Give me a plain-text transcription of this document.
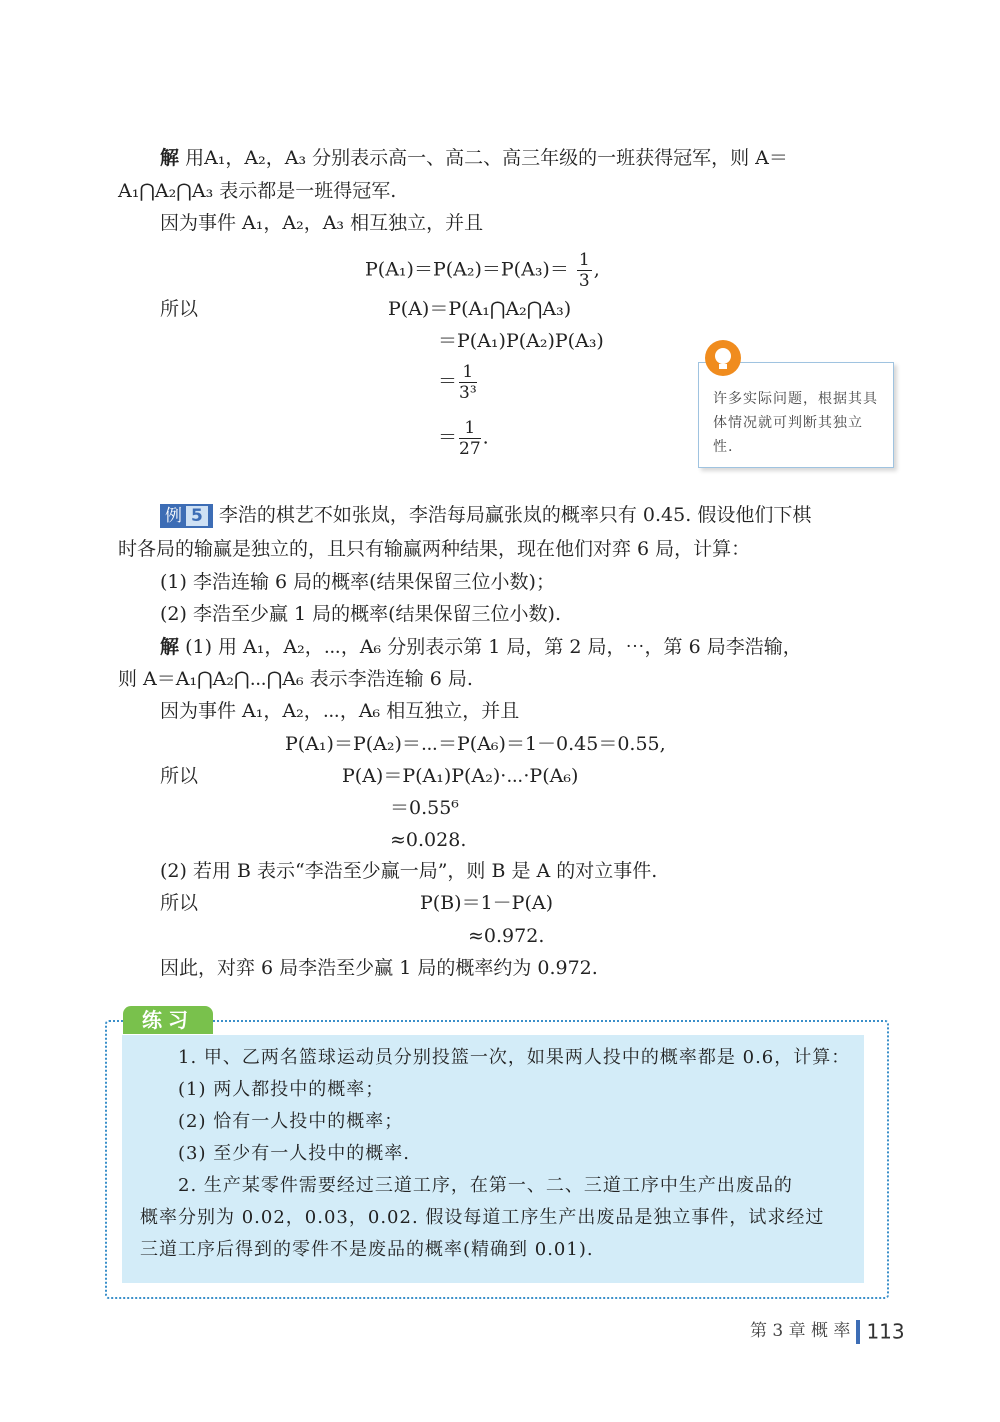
解 用A₁，A₂，A₃ 分别表示高一、高二、高三年级的一班获得冠军，则 A＝
A₁⋂A₂⋂A₃ 表示都是一班得冠军.
因为事件 A₁，A₂，A₃ 相互独立，并且
$P(A_1)=P(A_2)=P(A_3)= \frac{1}{3}$ ,
所以	P(A)＝P(A₁⋂A₂⋂A₃)
＝P(A₁)P(A₂)P(A₃)
＝ $\frac{1}{\text{3³}}$
＝ $\frac{1}{27}$ .
许多实际问题，根据其具体情况就可判断其独立性.
例 5 李浩的棋艺不如张岚，李浩每局赢张岚的概率只有 0.45. 假设他们下棋
时各局的输赢是独立的，且只有输赢两种结果，现在他们对弈 6 局，计算：
(1) 李浩连输 6 局的概率(结果保留三位小数)；
(2) 李浩至少赢 1 局的概率(结果保留三位小数).
解 (1) 用 A₁，A₂，⋯，A₆ 分别表示第 1 局，第 2 局，⋯，第 6 局李浩输，
则 A＝A₁⋂A₂⋂⋯⋂A₆ 表示李浩连输 6 局.
因为事件 A₁，A₂，⋯，A₆ 相互独立，并且
P(A₁)＝P(A₂)＝⋯＝P(A₆)＝1－0.45＝0.55,
所以	P(A)＝P(A₁)P(A₂)·⋯·P(A₆)
＝0.55⁶
≈0.028.
(2) 若用 B 表示“李浩至少赢一局”，则 B 是 A 的对立事件.
所以	P(B)＝1－P(A)
≈0.972.
因此，对弈 6 局李浩至少赢 1 局的概率约为 0.972.
练习
1. 甲、乙两名篮球运动员分别投篮一次，如果两人投中的概率都是 0.6，计算：
(1) 两人都投中的概率；
(2) 恰有一人投中的概率；
(3) 至少有一人投中的概率.
2. 生产某零件需要经过三道工序，在第一、二、三道工序中生产出废品的
概率分别为 0.02，0.03，0.02. 假设每道工序生产出废品是独立事件，试求经过
三道工序后得到的零件不是废品的概率(精确到 0.01).
第 3 章 概 率 113
